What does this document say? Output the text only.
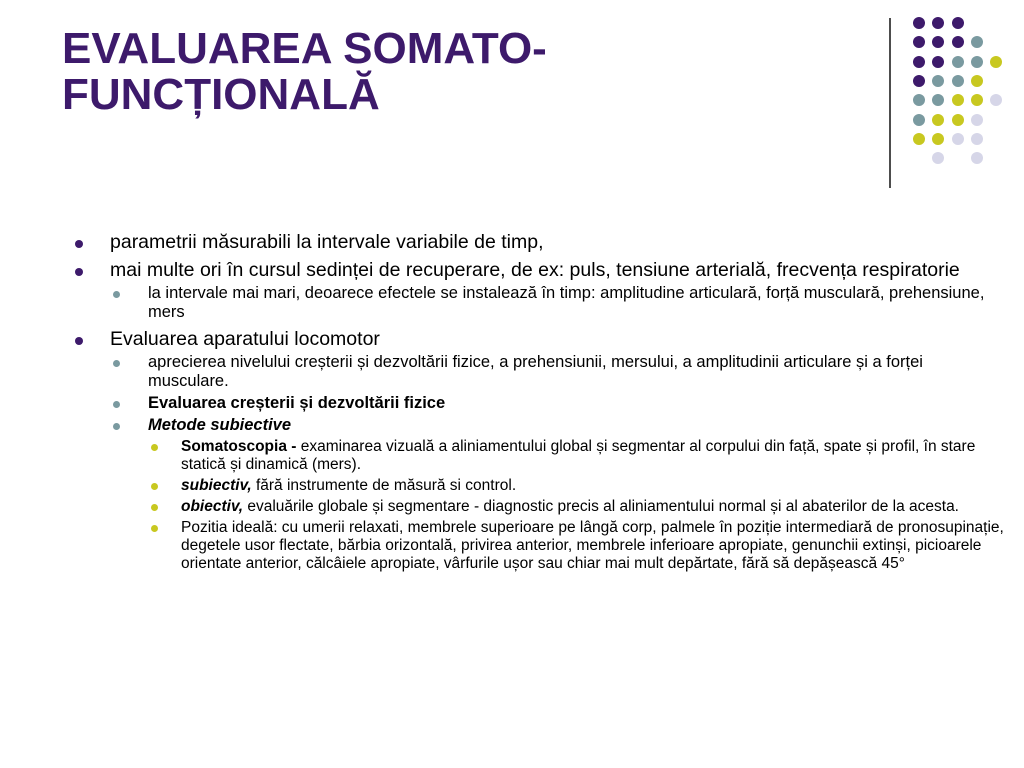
EVALUAREA SOMATO-
FUNCȚIONALĂ
parametrii măsurabili la intervale variabile de timp,
mai multe ori în cursul sedinței de recuperare, de ex: puls, tensiune arterială, frecvența respiratorie
la intervale mai mari, deoarece efectele se instalează în timp: amplitudine articulară, forță musculară, prehensiune, mers
Evaluarea aparatului locomotor
aprecierea nivelului creșterii și dezvoltării fizice, a prehensiunii, mersului, a amplitudinii articulare și a forței musculare.
Evaluarea creșterii și dezvoltării fizice
Metode subiective
Somatoscopia - examinarea vizuală a aliniamentului global și segmentar al corpului din față, spate și profil, în stare statică și dinamică (mers).
subiectiv, fără instrumente de măsură si control.
obiectiv, evaluările globale și segmentare - diagnostic precis al aliniamentului normal și al abaterilor de la acesta.
Pozitia ideală: cu umerii relaxati, membrele superioare pe lângă corp, palmele în poziție intermediară de pronosupinație, degetele usor flectate, bărbia orizontală, privirea anterior, membrele inferioare apropiate, genunchii extinși, picioarele orientate anterior, călcâiele apropiate, vârfurile ușor sau chiar mai mult depărtate, fără să depășească 45°
